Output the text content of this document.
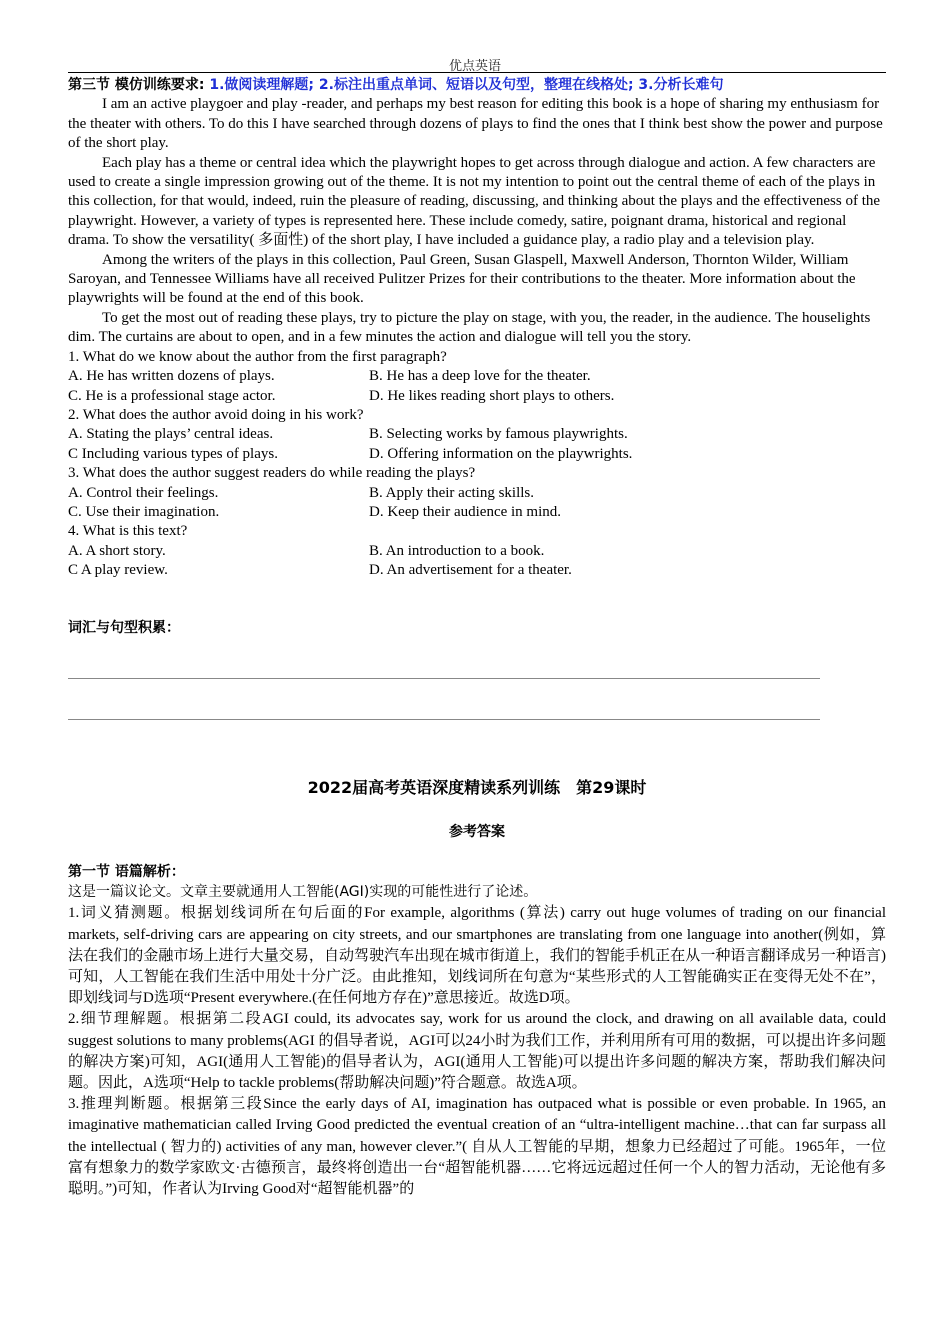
优点英语
第三节 模仿训练要求: 1.做阅读理解题; 2.标注出重点单词、短语以及句型，整理在线格处; 3.分析长难句

I am an active playgoer and play -reader, and perhaps my best reason for editing this book is a hope of sharing my enthusiasm for the theater with others. To do this I have searched through dozens of plays to find the ones that I think best show the power and purpose of the short play.

Each play has a theme or central idea which the playwright hopes to get across through dialogue and action. A few characters are used to create a single impression growing out of the theme. It is not my intention to point out the central theme of each of the plays in this collection, for that would, indeed, ruin the pleasure of reading, discussing, and thinking about the plays and the effectiveness of the playwright. However, a variety of types is represented here. These include comedy, satire, poignant drama, historical and regional drama. To show the versatility( 多面性) of the short play, I have included a guidance play, a radio play and a television play.

Among the writers of the plays in this collection, Paul Green, Susan Glaspell, Maxwell Anderson, Thornton Wilder, William Saroyan, and Tennessee Williams have all received Pulitzer Prizes for their contributions to the theater. More information about the playwrights will be found at the end of this book.

To get the most out of reading these plays, try to picture the play on stage, with you, the reader, in the audience. The houselights dim. The curtains are about to open, and in a few minutes the action and dialogue will tell you the story.

1. What do we know about the author from the first paragraph?

A. He has written dozens of plays.	B. He has a deep love for the theater.
C. He is a professional stage actor.	D. He likes reading short plays to others.

2. What does the author avoid doing in his work?

A. Stating the plays’ central ideas.	B. Selecting works by famous playwrights.
C Including various types of plays.	D. Offering information on the playwrights.

3. What does the author suggest readers do while reading the plays?

A. Control their feelings.	B. Apply their acting skills.
C. Use their imagination.	D. Keep their audience in mind.

4. What is this text?

A. A short story.	B. An introduction to a book.
C A play review.	D. An advertisement for a theater.
词汇与句型积累：
2022届高考英语深度精读系列训练　第29课时
参考答案
第一节 语篇解析：

这是一篇议论文。文章主要就通用人工智能(AGI)实现的可能性进行了论述。

1.词义猜测题。根据划线词所在句后面的For example, algorithms (算法) carry out huge volumes of trading on our financial markets, self-driving cars are appearing on city streets, and our smartphones are translating from one language into another(例如，算法在我们的金融市场上进行大量交易，自动驾驶汽车出现在城市街道上，我们的智能手机正在从一种语言翻译成另一种语言)可知，人工智能在我们生活中用处十分广泛。由此推知，划线词所在句意为“某些形式的人工智能确实正在变得无处不在”，即划线词与D选项“Present everywhere.(在任何地方存在)”意思接近。故选D项。

2.细节理解题。根据第二段AGI could, its advocates say, work for us around the clock, and drawing on all available data, could suggest solutions to many problems(AGI 的倡导者说，AGI可以24小时为我们工作，并利用所有可用的数据，可以提出许多问题的解决方案)可知，AGI(通用人工智能)的倡导者认为，AGI(通用人工智能)可以提出许多问题的解决方案，帮助我们解决问题。因此，A选项“Help to tackle problems(帮助解决问题)”符合题意。故选A项。

3.推理判断题。根据第三段Since the early days of AI, imagination has outpaced what is possible or even probable. In 1965, an imaginative mathematician called Irving Good predicted the eventual creation of an “ultra-intelligent machine…that can far surpass all the intellectual ( 智力的) activities of any man, however clever.”( 自从人工智能的早期，想象力已经超过了可能。1965年，一位富有想象力的数学家欧文·古德预言，最终将创造出一台“超智能机器……它将远远超过任何一个人的智力活动，无论他有多聪明。”)可知，作者认为Irving Good对“超智能机器”的
